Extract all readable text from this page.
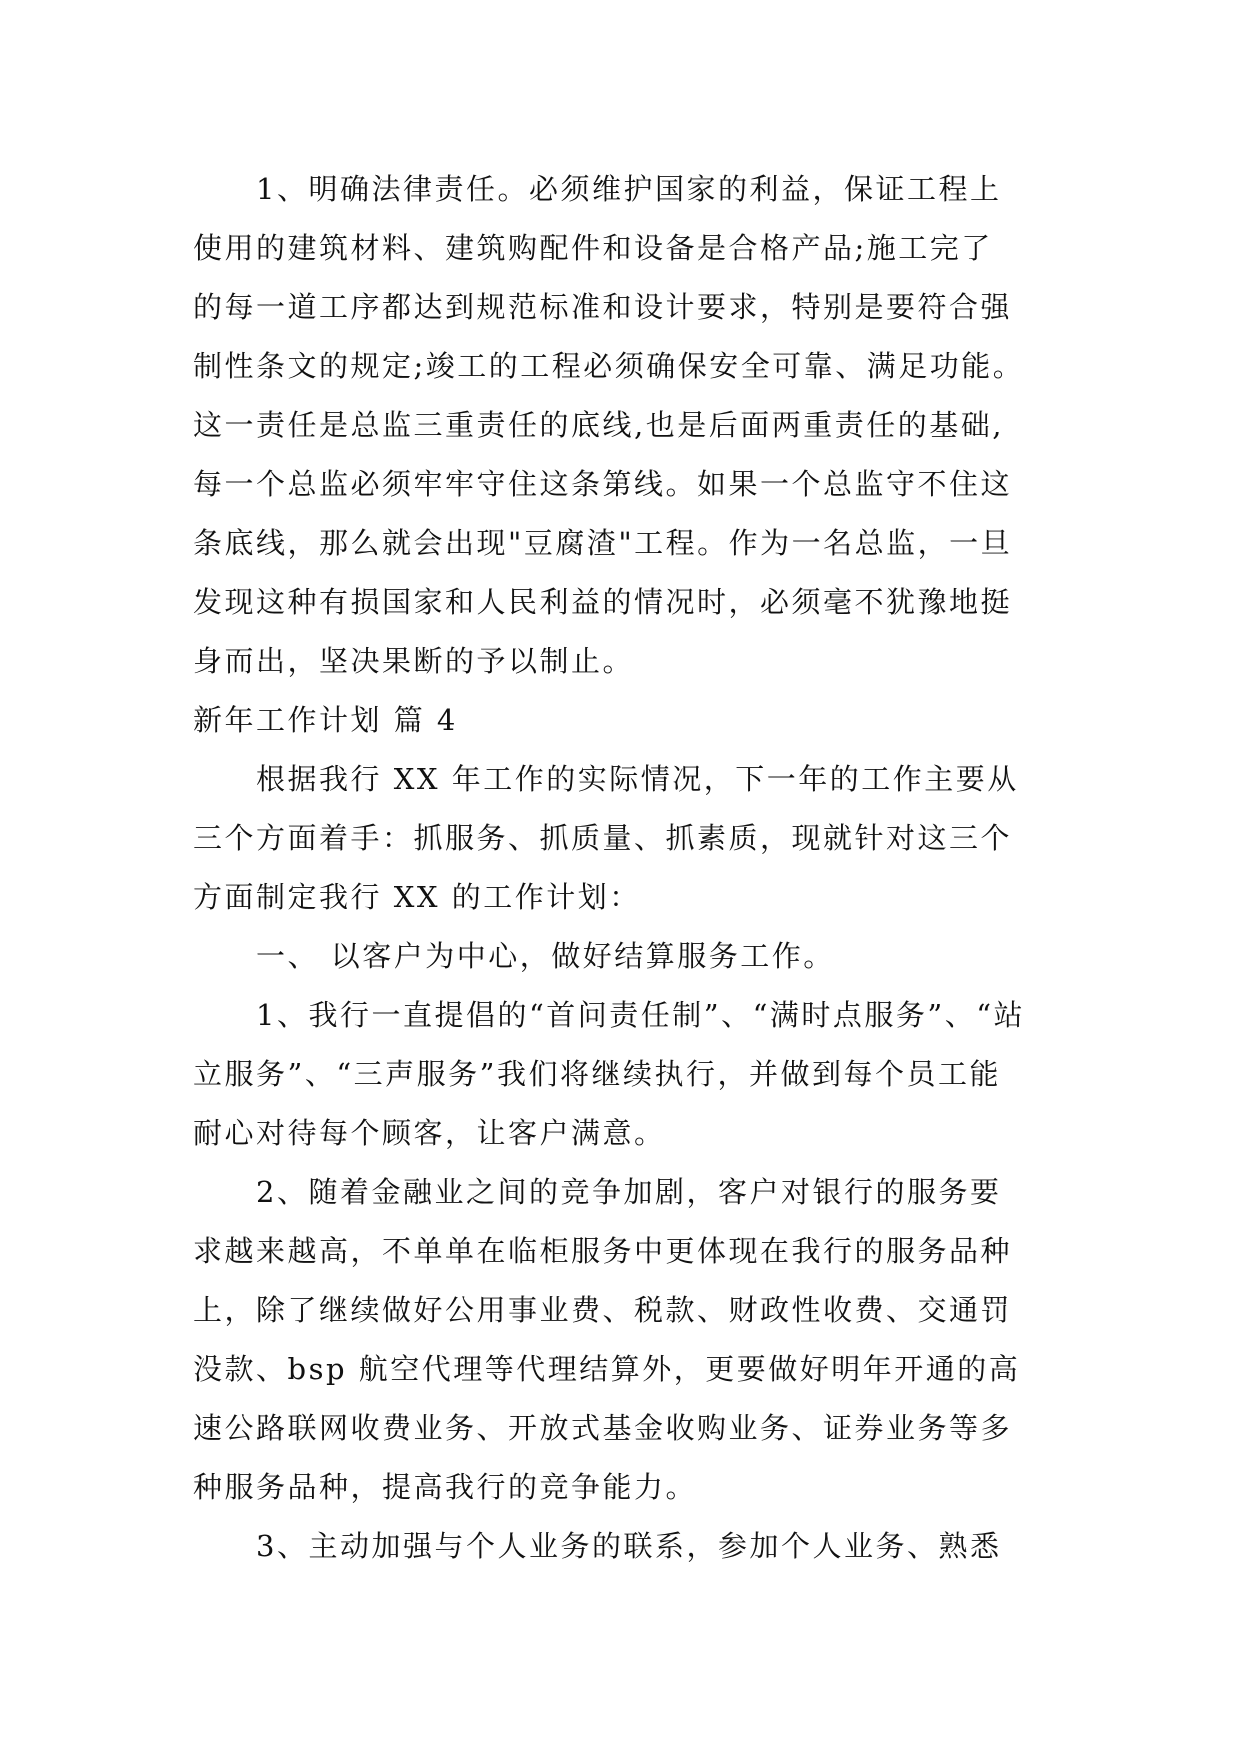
1、明确法律责任。必须维护国家的利益，保证工程上
使用的建筑材料、建筑购配件和设备是合格产品;施工完了
的每一道工序都达到规范标准和设计要求，特别是要符合强
制性条文的规定;竣工的工程必须确保安全可靠、满足功能。
这一责任是总监三重责任的底线,也是后面两重责任的基础,
每一个总监必须牢牢守住这条第线。如果一个总监守不住这
条底线，那么就会出现"豆腐渣"工程。作为一名总监，一旦
发现这种有损国家和人民利益的情况时，必须毫不犹豫地挺
身而出，坚决果断的予以制止。
新年工作计划 篇 4
根据我行 XX 年工作的实际情况，下一年的工作主要从
三个方面着手：抓服务、抓质量、抓素质，现就针对这三个
方面制定我行 XX 的工作计划：
一、 以客户为中心，做好结算服务工作。
1、我行一直提倡的“首问责任制”、“满时点服务”、“站
立服务”、“三声服务”我们将继续执行，并做到每个员工能
耐心对待每个顾客，让客户满意。
2、随着金融业之间的竞争加剧，客户对银行的服务要
求越来越高，不单单在临柜服务中更体现在我行的服务品种
上，除了继续做好公用事业费、税款、财政性收费、交通罚
没款、bsp 航空代理等代理结算外，更要做好明年开通的高
速公路联网收费业务、开放式基金收购业务、证券业务等多
种服务品种，提高我行的竞争能力。
3、主动加强与个人业务的联系，参加个人业务、熟悉
